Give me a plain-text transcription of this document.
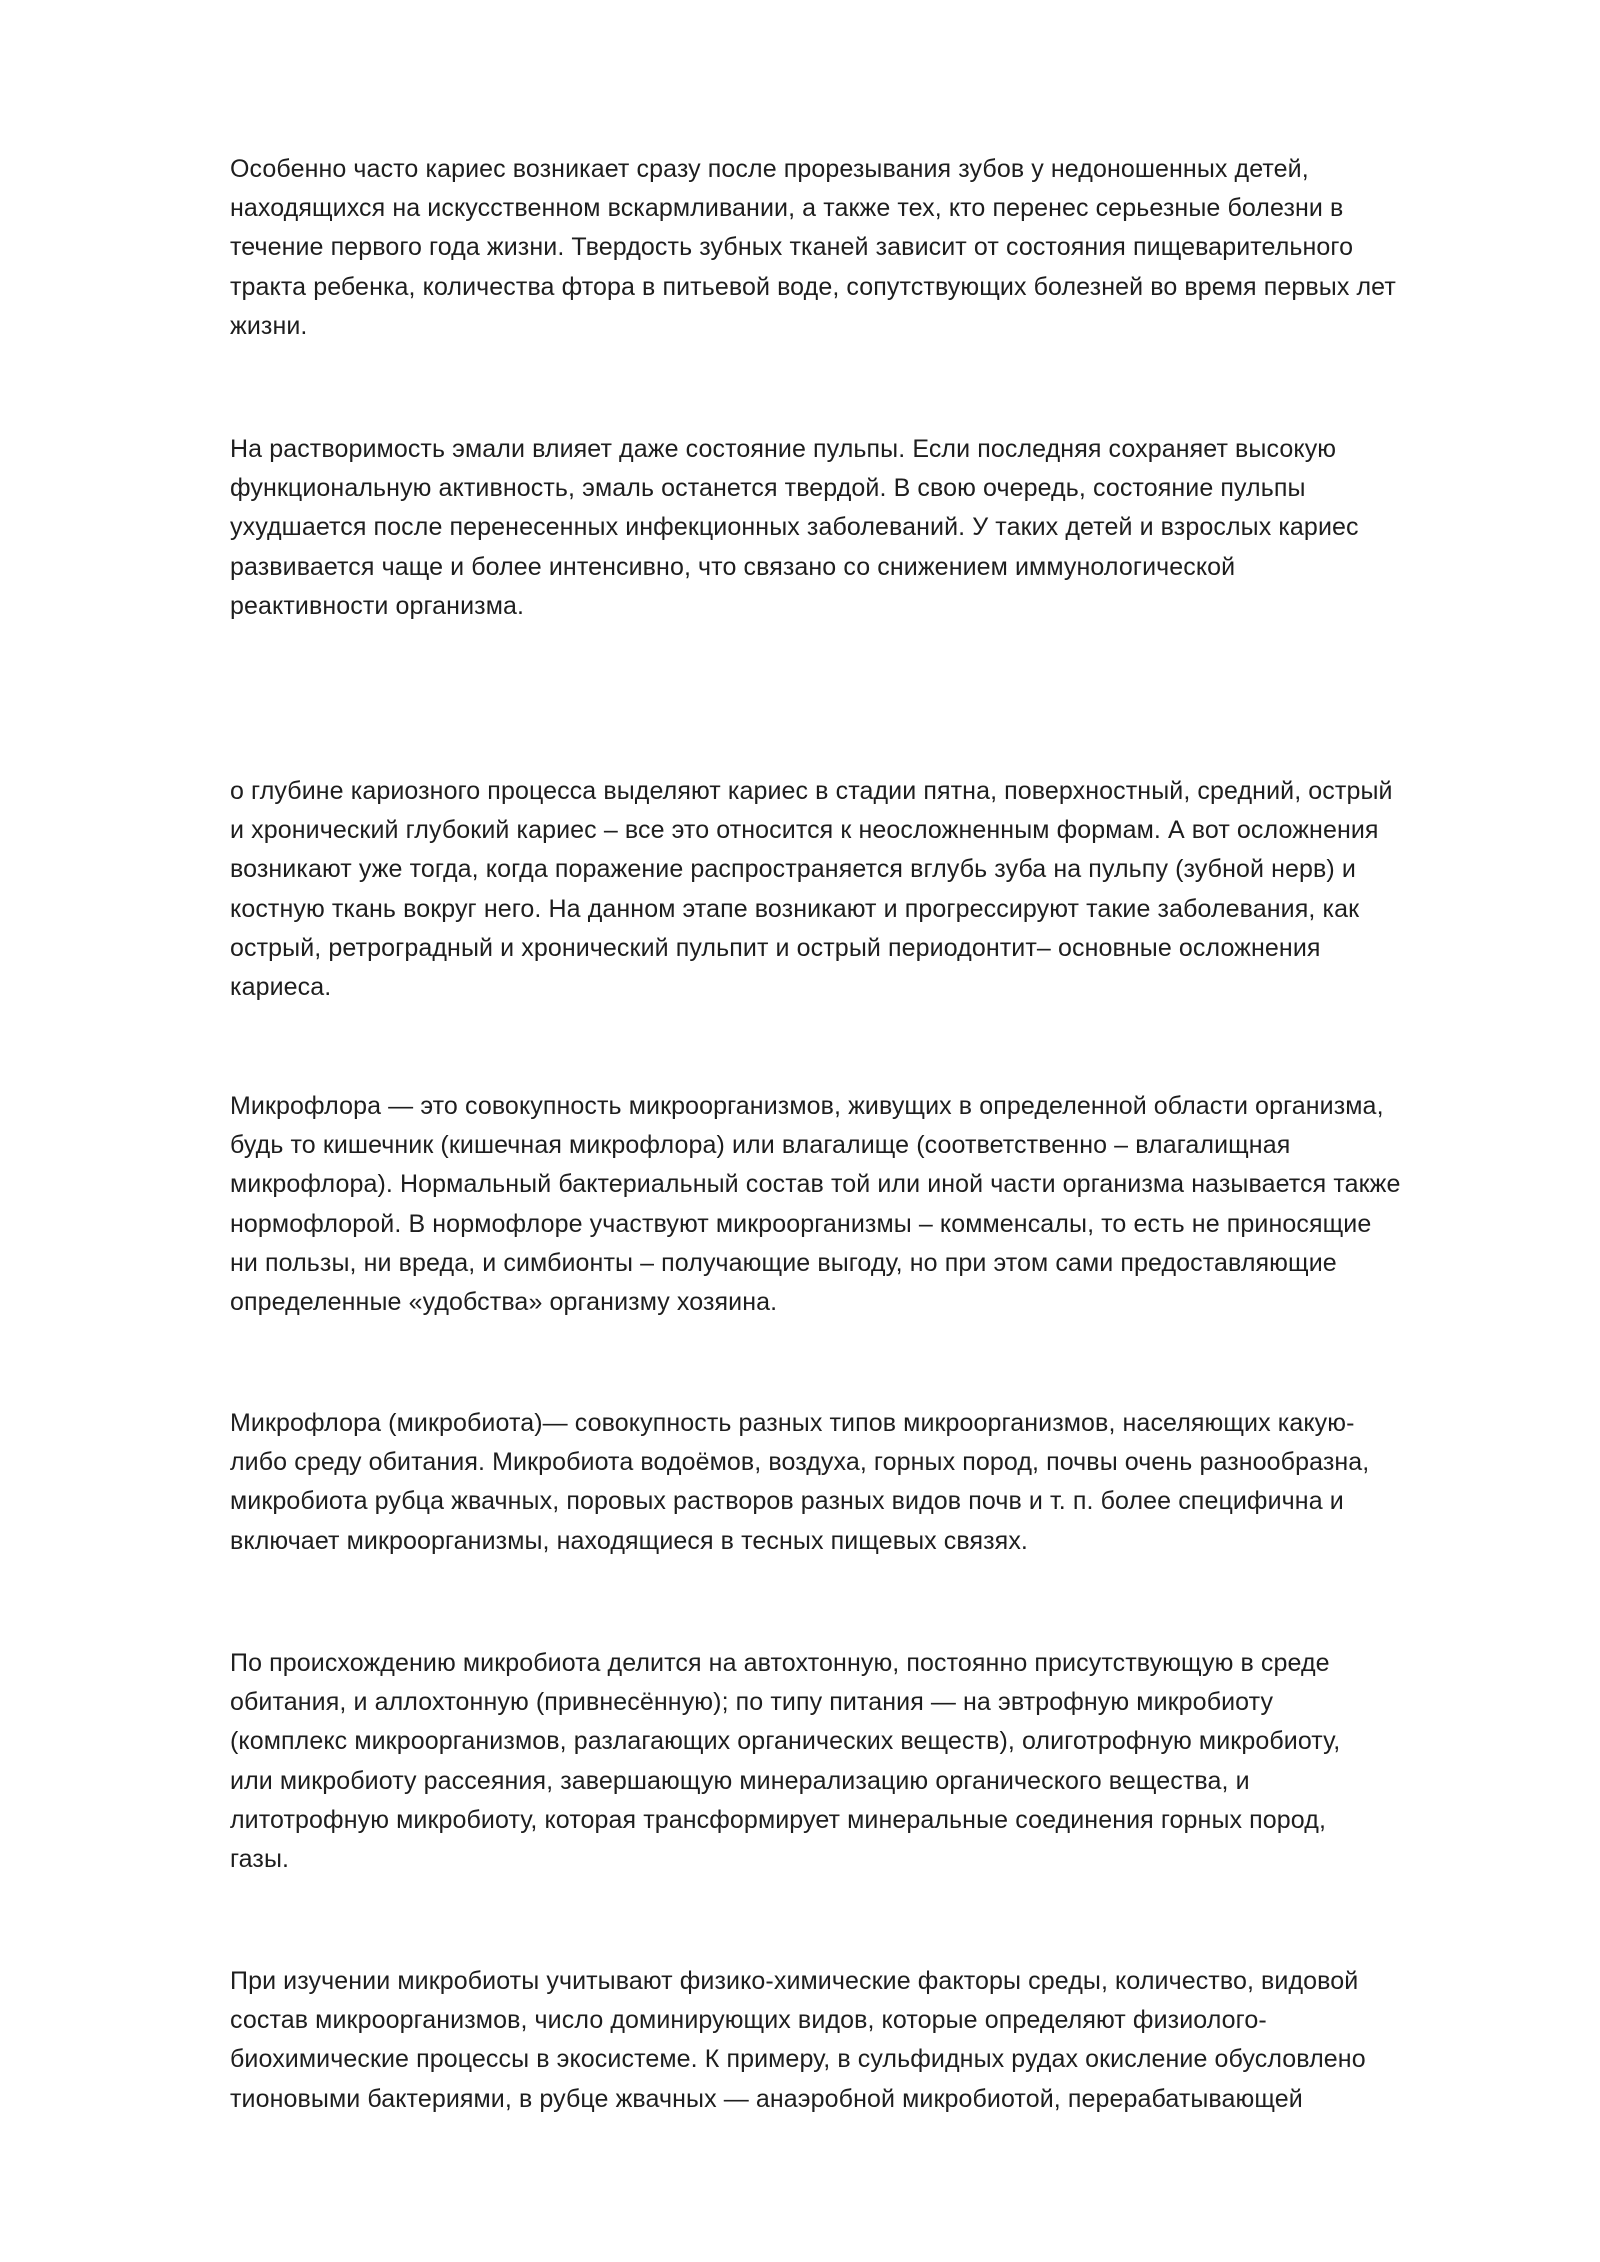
Особенно часто кариес возникает сразу после прорезывания зубов у недоношенных детей,
находящихся на искусственном вскармливании, а также тех, кто перенес серьезные болезни в
течение первого года жизни. Твердость зубных тканей зависит от состояния пищеварительного
тракта ребенка, количества фтора в питьевой воде, сопутствующих болезней во время первых лет
жизни.

На растворимость эмали влияет даже состояние пульпы. Если последняя сохраняет высокую
функциональную активность, эмаль останется твердой. В свою очередь, состояние пульпы
ухудшается после перенесенных инфекционных заболеваний. У таких детей и взрослых кариес
развивается чаще и более интенсивно, что связано со снижением иммунологической
реактивности организма.

о глубине кариозного процесса выделяют кариес в стадии пятна, поверхностный, средний, острый
и хронический глубокий кариес – все это относится к неосложненным формам. А вот осложнения
возникают уже тогда, когда поражение распространяется вглубь зуба на пульпу (зубной нерв) и
костную ткань вокруг него. На данном этапе возникают и прогрессируют такие заболевания, как
острый, ретроградный и хронический пульпит и острый периодонтит– основные осложнения
кариеса.

Микрофлора — это совокупность микроорганизмов, живущих в определенной области организма,
будь то кишечник (кишечная микрофлора) или влагалище (соответственно – влагалищная
микрофлора). Нормальный бактериальный состав той или иной части организма называется также
нормофлорой. В нормофлоре участвуют микроорганизмы – комменсалы, то есть не приносящие
ни пользы, ни вреда, и симбионты – получающие выгоду, но при этом сами предоставляющие
определенные «удобства» организму хозяина.

Микрофлора (микробиота)— совокупность разных типов микроорганизмов, населяющих какую-
либо среду обитания. Микробиота водоёмов, воздуха, горных пород, почвы очень разнообразна,
микробиота рубца жвачных, поровых растворов разных видов почв и т. п. более специфична и
включает микроорганизмы, находящиеся в тесных пищевых связях.

По происхождению микробиота делится на автохтонную, постоянно присутствующую в среде
обитания, и аллохтонную (привнесённую); по типу питания — на эвтрофную микробиоту
(комплекс микроорганизмов, разлагающих органических веществ), олиготрофную микробиоту,
или микробиоту рассеяния, завершающую минерализацию органического вещества, и
литотрофную микробиоту, которая трансформирует минеральные соединения горных пород,
газы.

При изучении микробиоты учитывают физико-химические факторы среды, количество, видовой
состав микроорганизмов, число доминирующих видов, которые определяют физиолого-
биохимические процессы в экосистеме. К примеру, в сульфидных рудах окисление обусловлено
тионовыми бактериями, в рубце жвачных — анаэробной микробиотой, перерабатывающей
